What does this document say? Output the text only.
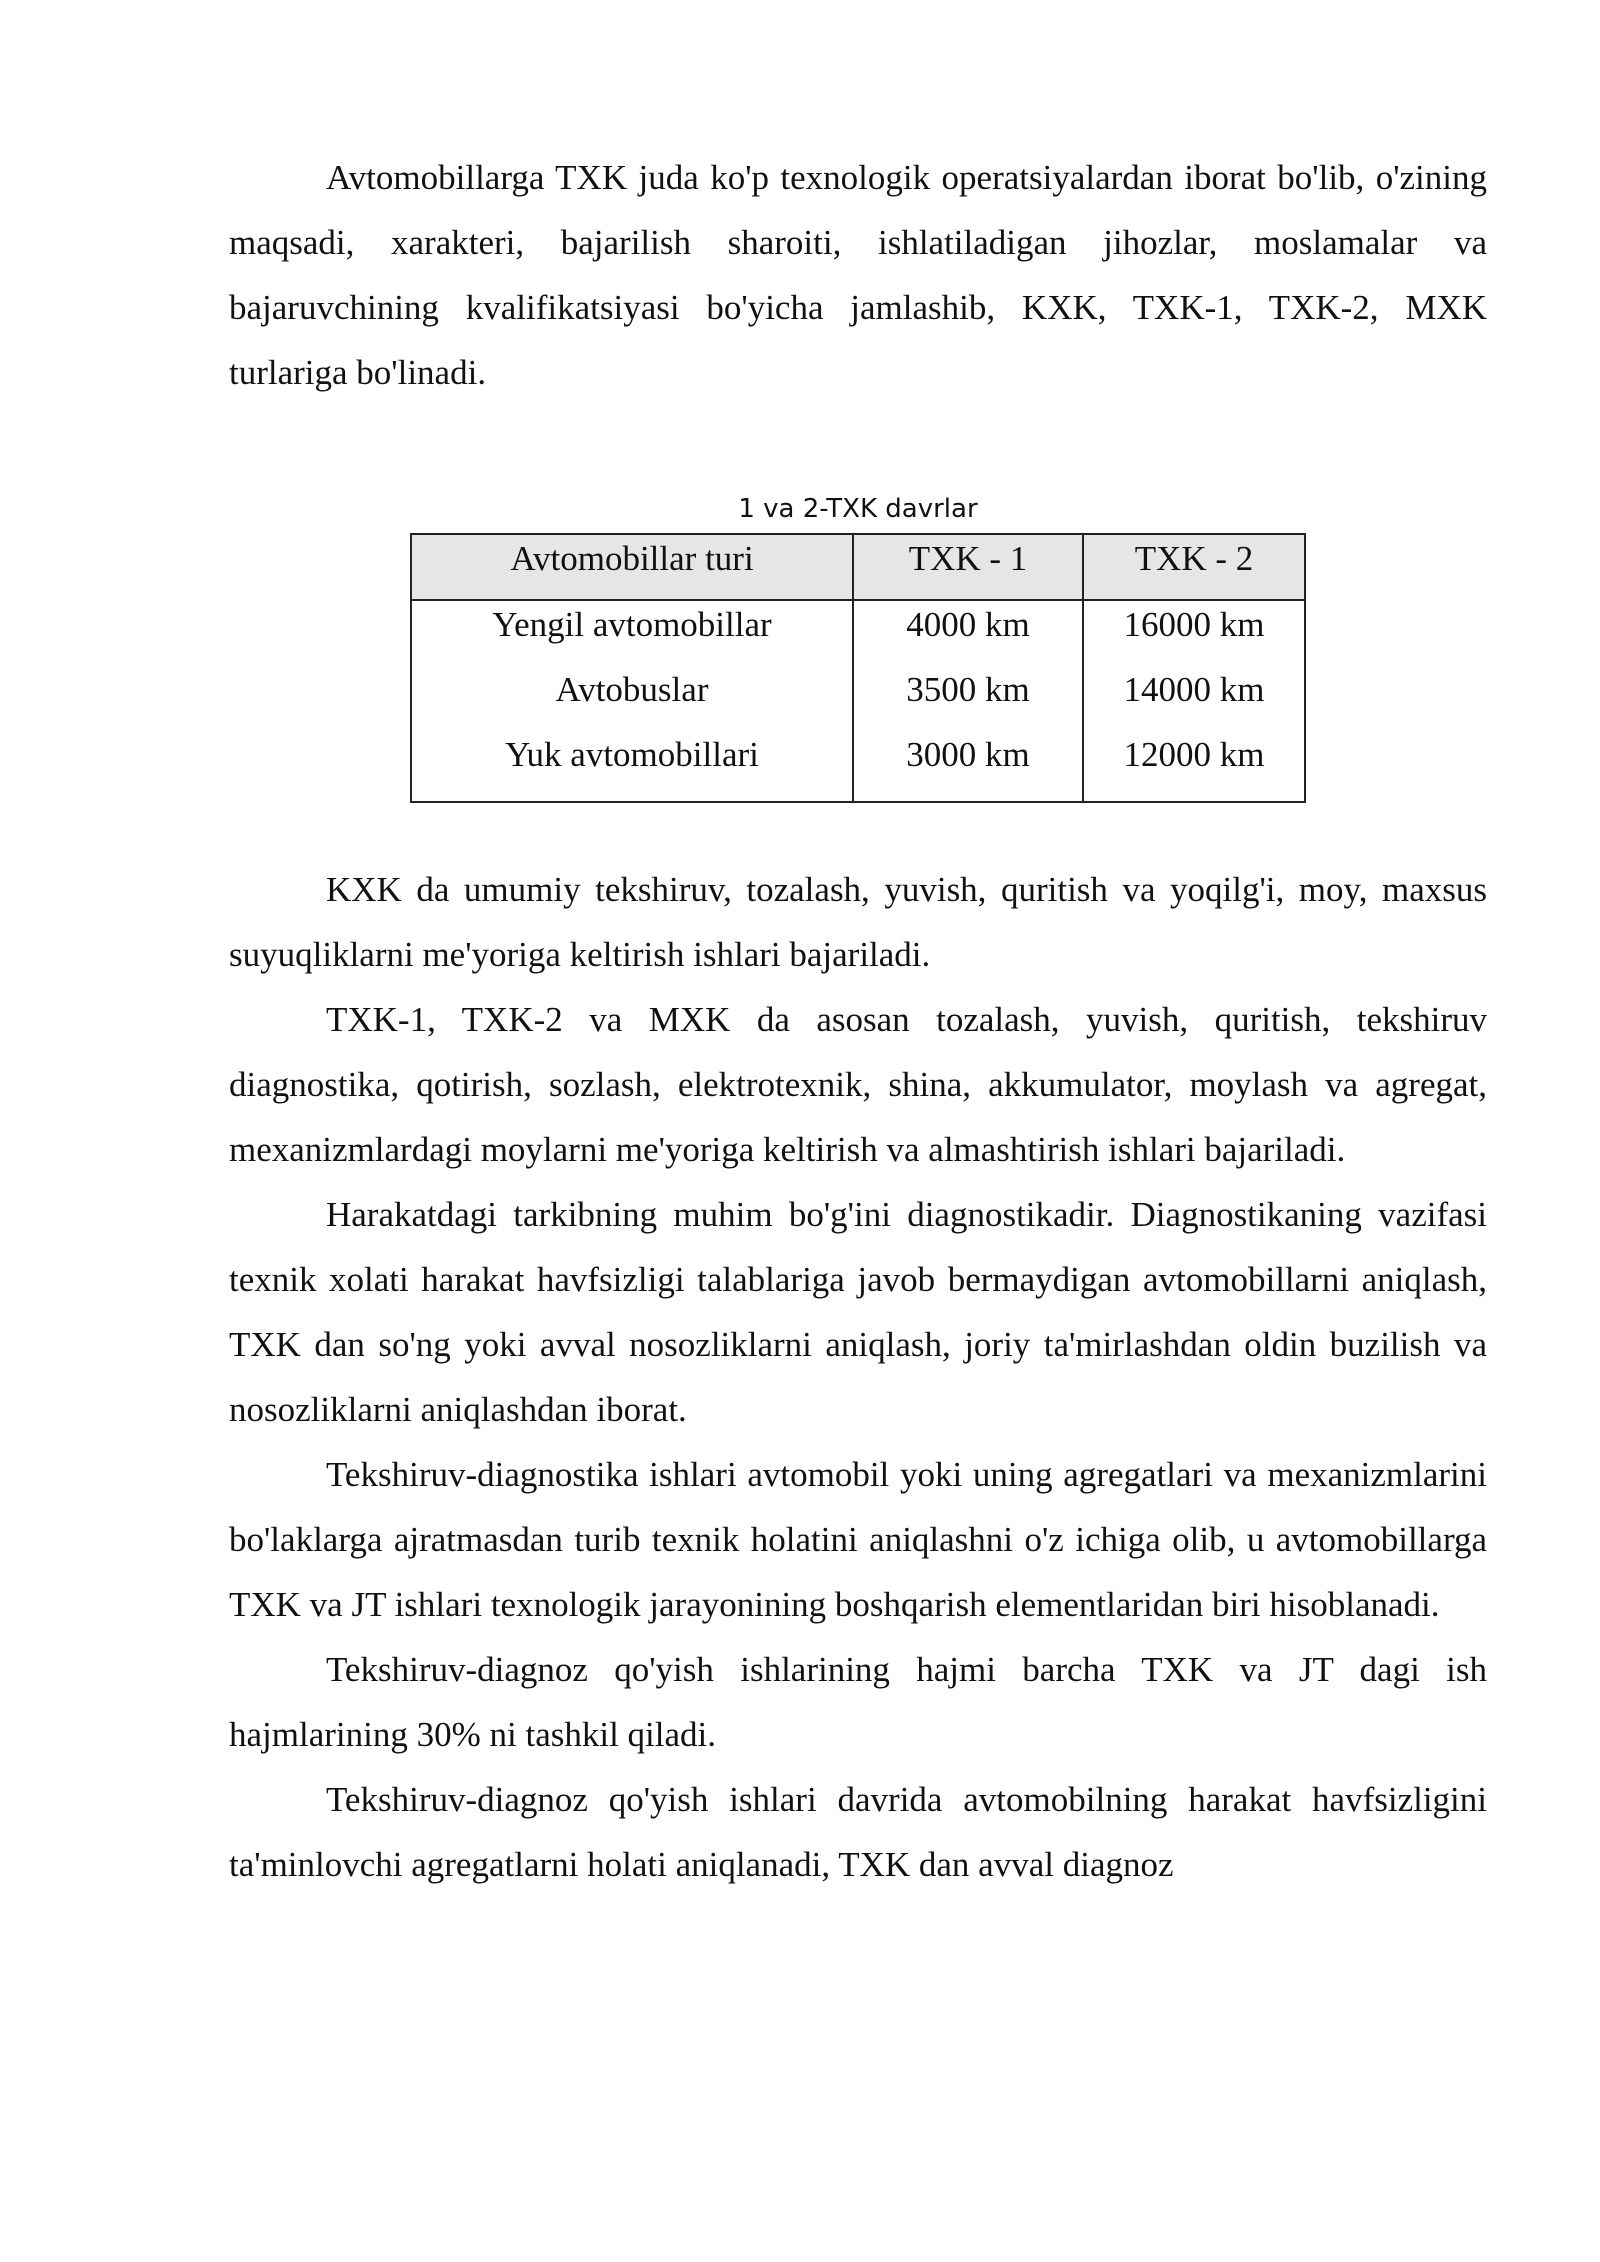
Avtomobillarga TXK juda ko'p texnologik operatsiyalardan iborat bo'lib, o'zining maqsadi, xarakteri, bajarilish sharoiti, ishlatiladigan jihozlar, moslamalar va bajaruvchining kvalifikatsiyasi bo'yicha jamlashib, KXK, TXK-1, TXK-2, MXK turlariga bo'linadi.

1 va 2-TXK davrlar
Avtomobillar turi	TXK - 1	TXK - 2
Yengil avtomobillar	4000 km	16000 km
Avtobuslar	3500 km	14000 km
Yuk avtomobillari	3000 km	12000 km

KXK da umumiy tekshiruv, tozalash, yuvish, quritish va yoqilg'i, moy, maxsus suyuqliklarni me'yoriga keltirish ishlari bajariladi.

TXK-1, TXK-2 va MXK da asosan tozalash, yuvish, quritish, tekshiruv diagnostika, qotirish, sozlash, elektrotexnik, shina, akkumulator, moylash va agregat, mexanizmlardagi moylarni me'yoriga keltirish va almashtirish ishlari bajariladi.

Harakatdagi tarkibning muhim bo'g'ini diagnostikadir. Diagnostikaning vazifasi texnik xolati harakat havfsizligi talablariga javob bermaydigan avtomobillarni aniqlash, TXK dan so'ng yoki avval nosozliklarni aniqlash, joriy ta'mirlashdan oldin buzilish va nosozliklarni aniqlashdan iborat.

Tekshiruv-diagnostika ishlari avtomobil yoki uning agregatlari va mexanizmlarini bo'laklarga ajratmasdan turib texnik holatini aniqlashni o'z ichiga olib, u avtomobillarga TXK va JT ishlari texnologik jarayonining boshqarish elementlaridan biri hisoblanadi.

Tekshiruv-diagnoz qo'yish ishlarining hajmi barcha TXK va JT dagi ish hajmlarining 30% ni tashkil qiladi.

Tekshiruv-diagnoz qo'yish ishlari davrida avtomobilning harakat havfsizligini ta'minlovchi agregatlarni holati aniqlanadi, TXK dan avval diagnoz
